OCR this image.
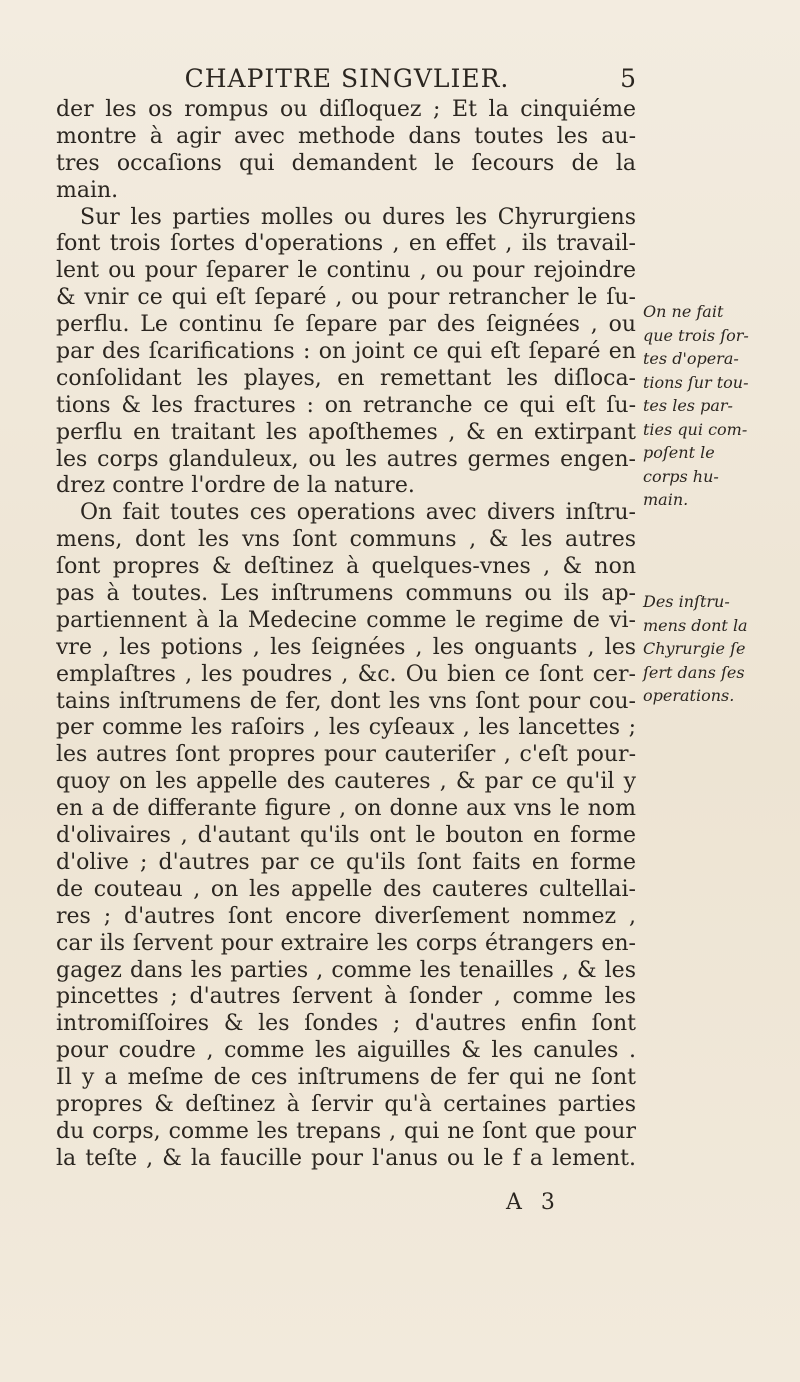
CHAPITRE SINGVLIER.	5
der les os rompus ou diſloquez ; Et la cinquiéme
montre à agir avec methode dans toutes les au-
tres occaſions qui demandent le ſecours de la
main.
Sur les parties molles ou dures les Chyrurgiens
font trois ſortes d'operations , en effet , ils travail-
lent ou pour ſeparer le continu , ou pour rejoindre
& vnir ce qui eſt ſeparé , ou pour retrancher le ſu-
perflu. Le continu ſe ſepare par des ſeignées , ou
par des ſcarifications : on joint ce qui eſt ſeparé en
conſolidant les playes, en remettant les diſloca-
tions & les fractures : on retranche ce qui eſt ſu-
perflu en traitant les apoſthemes , & en extirpant
les corps glanduleux, ou les autres germes engen-
drez contre l'ordre de la nature.
On fait toutes ces operations avec divers inſtru-
mens, dont les vns ſont communs , & les autres
ſont propres & deſtinez à quelques-vnes , & non
pas à toutes. Les inſtrumens communs ou ils ap-
partiennent à la Medecine comme le regime de vi-
vre , les potions , les ſeignées , les onguants , les
emplaſtres , les poudres , &c. Ou bien ce ſont cer-
tains inſtrumens de fer, dont les vns ſont pour cou-
per comme les raſoirs , les cyſeaux , les lancettes ;
les autres ſont propres pour cauteriſer , c'eſt pour-
quoy on les appelle des cauteres , & par ce qu'il y
en a de differante figure , on donne aux vns le nom
d'olivaires , d'autant qu'ils ont le bouton en forme
d'olive ; d'autres par ce qu'ils ſont faits en forme
de couteau , on les appelle des cauteres cultellai-
res ; d'autres ſont encore diverſement nommez ,
car ils ſervent pour extraire les corps étrangers en-
gagez dans les parties , comme les tenailles , & les
pincettes ; d'autres ſervent à ſonder , comme les
intromiſſoires & les ſondes ; d'autres enfin ſont
pour coudre , comme les aiguilles & les canules .
Il y a meſme de ces inſtrumens de fer qui ne ſont
propres & deſtinez à ſervir qu'à certaines parties
du corps, comme les trepans , qui ne ſont que pour
la teſte , & la faucille pour l'anus ou le f a lement.
On ne fait
que trois ſor-
tes d'opera-
tions ſur tou-
tes les par-
ties qui com-
poſent le
corps hu-
main.
Des inſtru-
mens dont la
Chyrurgie ſe
ſert dans ſes
operations.
A 3
